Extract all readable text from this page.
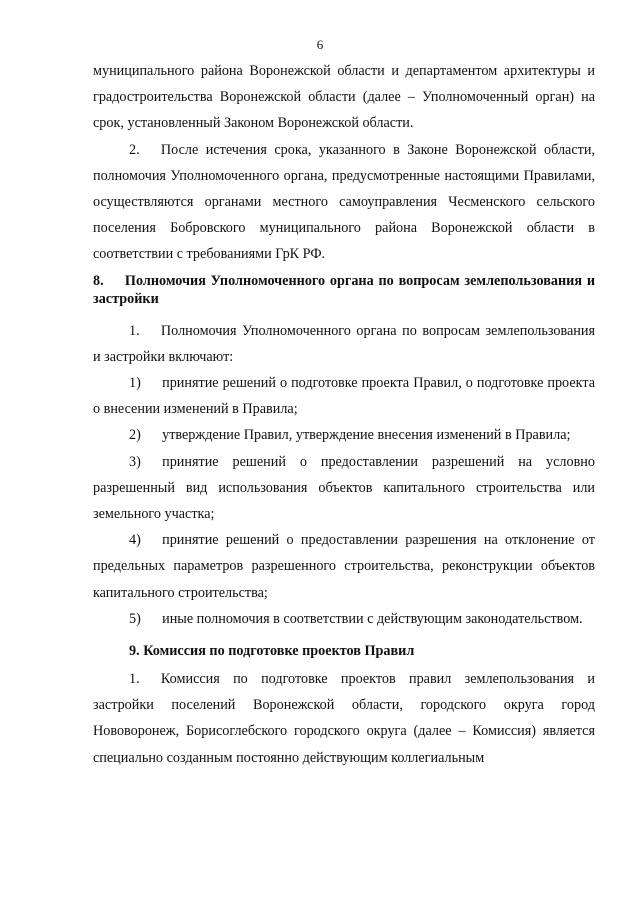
6

муниципального района Воронежской области и департаментом архитектуры и градостроительства Воронежской области (далее – Уполномоченный орган) на срок, установленный Законом Воронежской области.

2.  После истечения срока, указанного в Законе Воронежской области, полномочия Уполномоченного органа, предусмотренные настоящими Правилами, осуществляются органами местного самоуправления Чесменского сельского поселения Бобровского муниципального района Воронежской области в соответствии с требованиями ГрК РФ.

8.  Полномочия Уполномоченного органа по вопросам землепользования и застройки

1.  Полномочия Уполномоченного органа по вопросам землепользования и застройки включают:

1)  принятие решений о подготовке проекта Правил, о подготовке проекта о внесении изменений в Правила;

2)  утверждение Правил, утверждение внесения изменений в Правила;

3)  принятие решений о предоставлении разрешений на условно разрешенный вид использования объектов капитального строительства или земельного участка;

4)  принятие решений о предоставлении разрешения на отклонение от предельных параметров разрешенного строительства, реконструкции объектов капитального строительства;

5)  иные полномочия в соответствии с действующим законодательством.

9. Комиссия по подготовке проектов Правил

1.  Комиссия по подготовке проектов правил землепользования и застройки поселений Воронежской области, городского округа город Нововоронеж, Борисоглебского городского округа (далее – Комиссия) является специально созданным постоянно действующим коллегиальным
